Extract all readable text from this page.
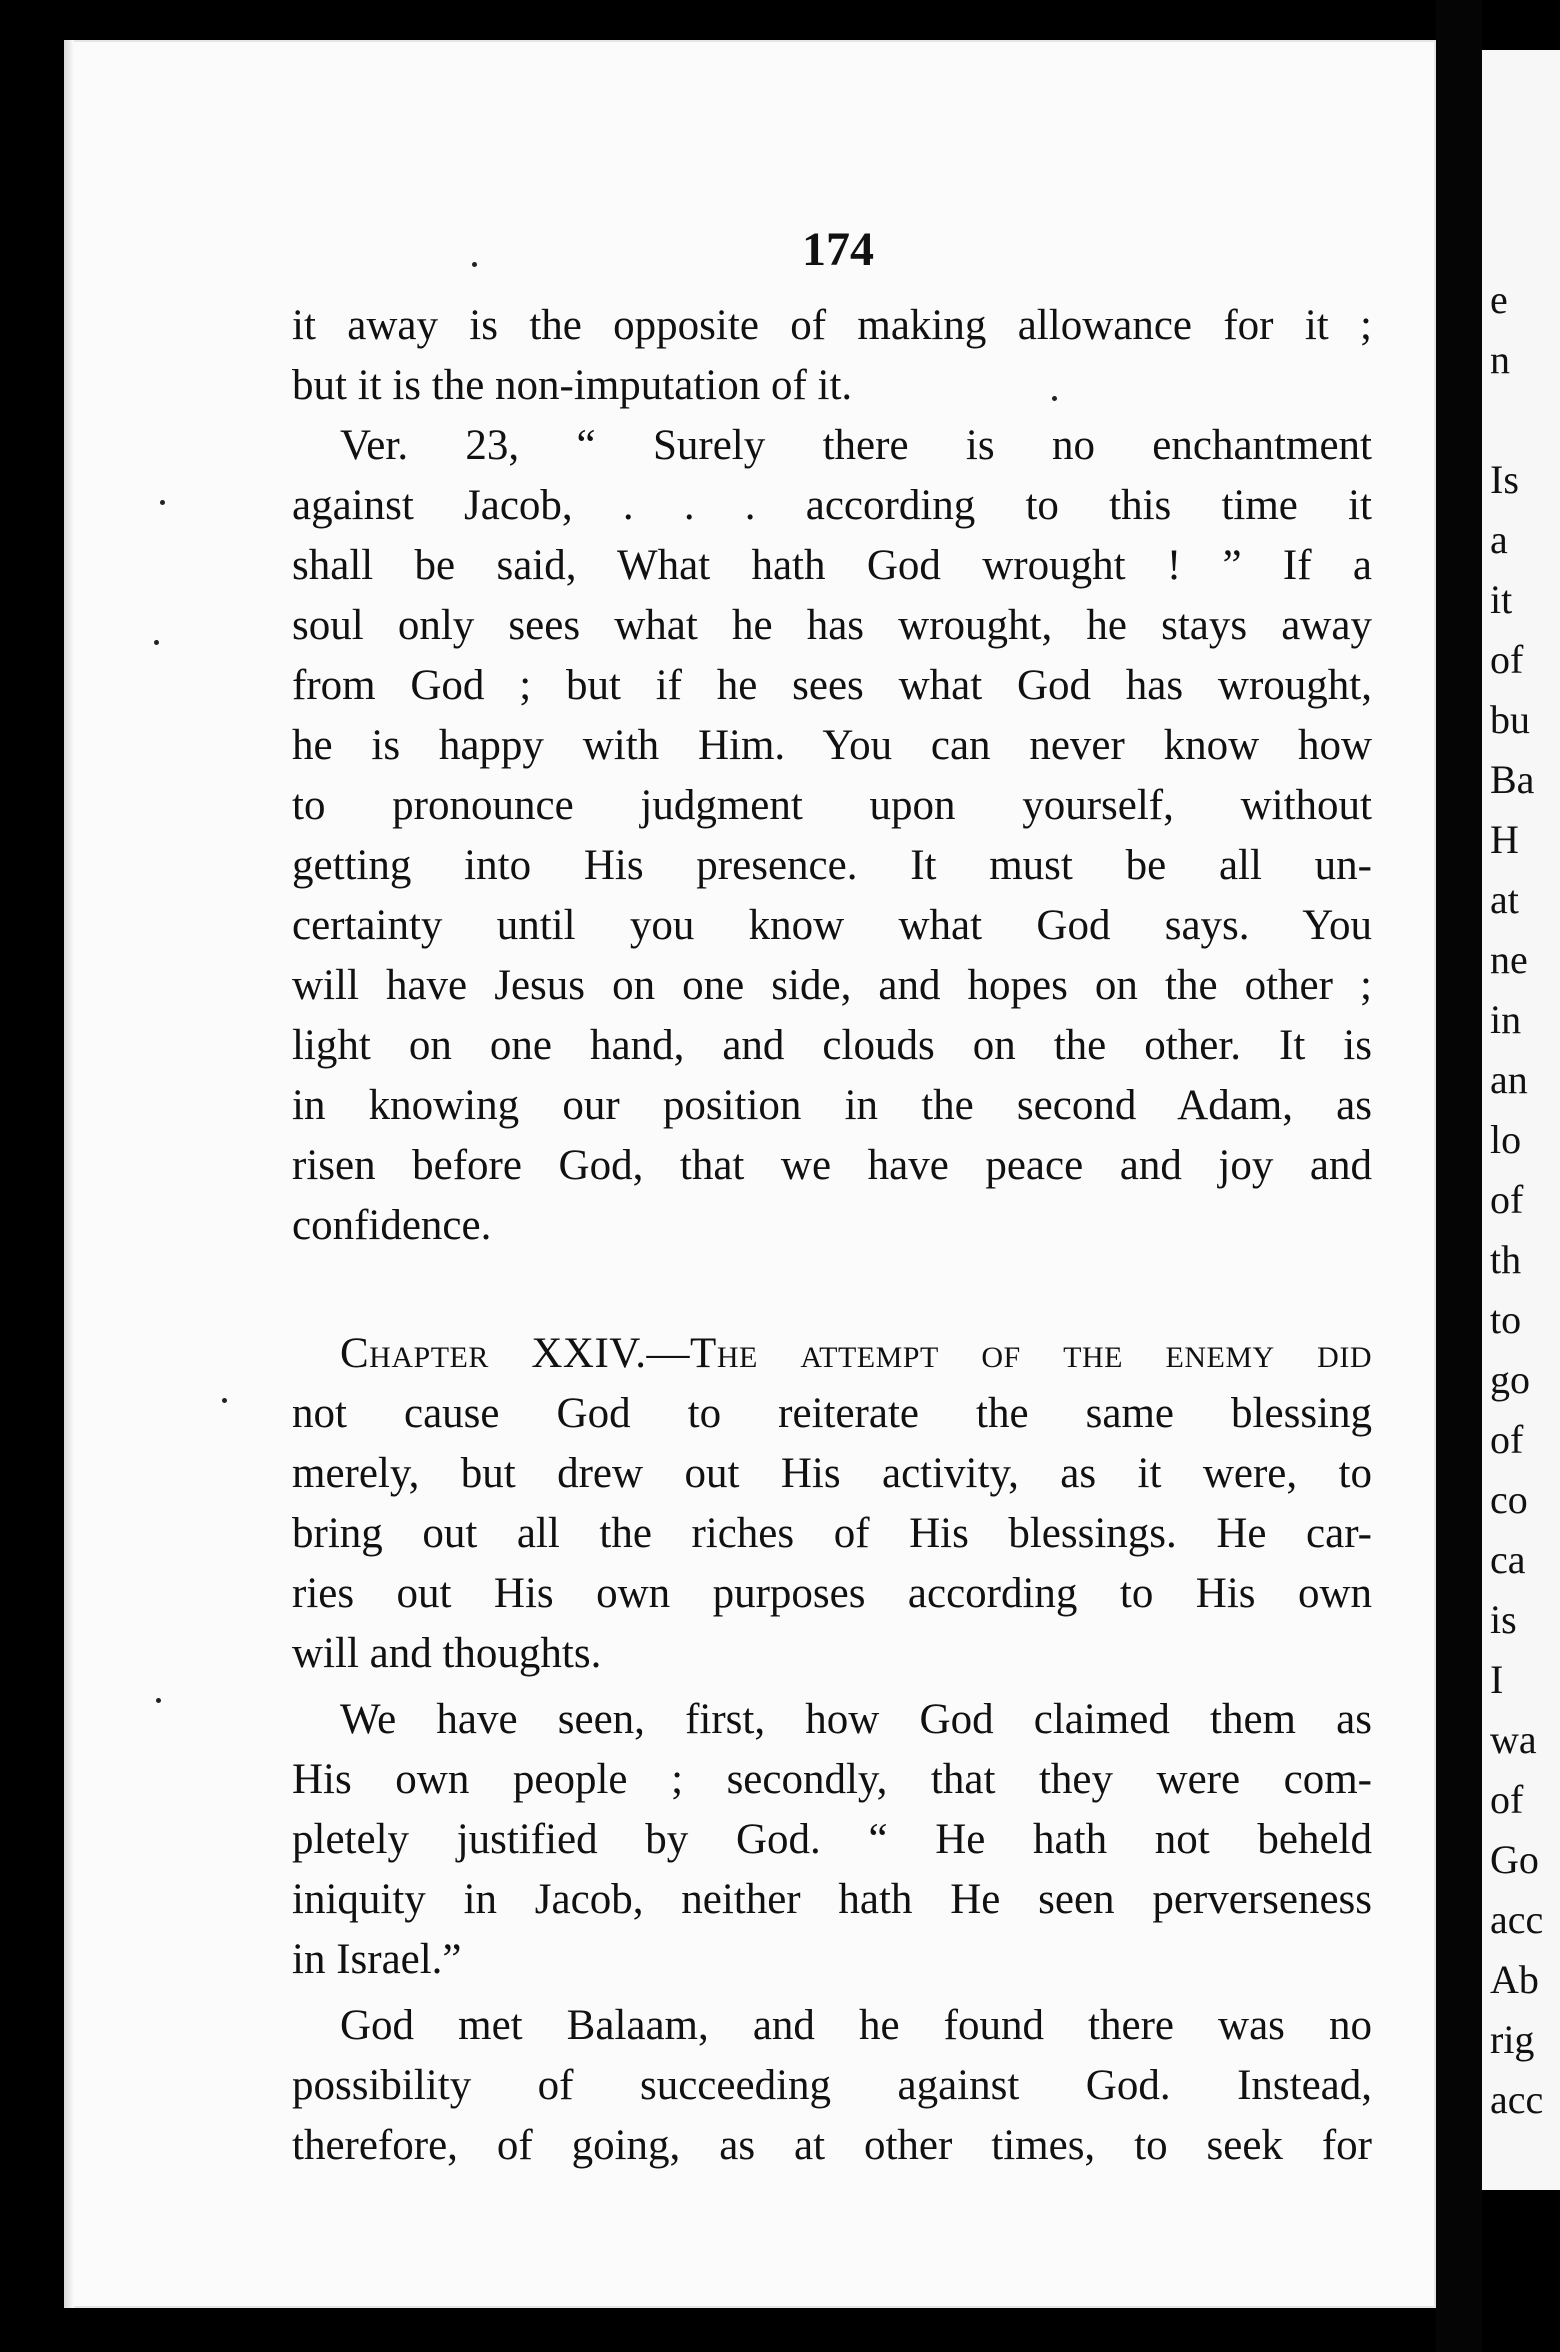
174
it away is the opposite of making allowance for it ;
but it is the non-imputation of it.
Ver. 23, “ Surely there is no enchantment
against Jacob, . . . according to this time it
shall be said, What hath God wrought ! ” If a
soul only sees what he has wrought, he stays away
from God ; but if he sees what God has wrought,
he is happy with Him. You can never know how
to pronounce judgment upon yourself, without
getting into His presence. It must be all un-
certainty until you know what God says. You
will have Jesus on one side, and hopes on the other ;
light on one hand, and clouds on the other. It is
in knowing our position in the second Adam, as
risen before God, that we have peace and joy and
confidence.
Chapter XXIV.—The attempt of the enemy did
not cause God to reiterate the same blessing
merely, but drew out His activity, as it were, to
bring out all the riches of His blessings. He car-
ries out His own purposes according to His own
will and thoughts.
We have seen, first, how God claimed them as
His own people ; secondly, that they were com-
pletely justified by God. “ He hath not beheld
iniquity in Jacob, neither hath He seen perverseness
in Israel.”
God met Balaam, and he found there was no
possibility of succeeding against God. Instead,
therefore, of going, as at other times, to seek for
e
n
Is
a
it
of
bu
Ba
H
at
ne
in
an
lo
of
th
to
go
of
co
ca
is
I
wa
of
Go
acc
Ab
rig
acc
